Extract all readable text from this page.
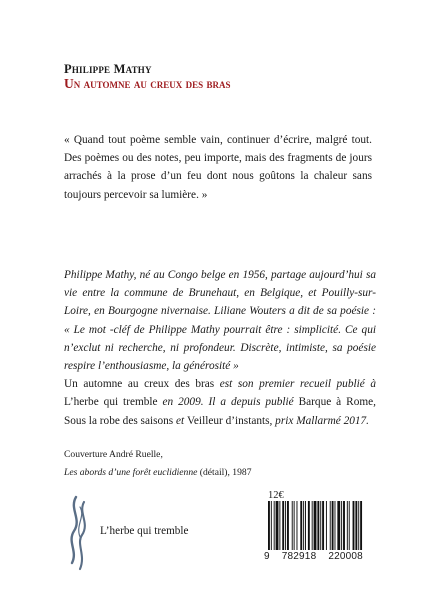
Philippe Mathy

Un automne au creux des bras

« Quand tout poème semble vain, continuer d’écrire, malgré tout. Des poèmes ou des notes, peu importe, mais des fragments de jours arrachés à la prose d’un feu dont nous goûtons la chaleur sans toujours percevoir sa lumière. »

Philippe Mathy, né au Congo belge en 1956, partage aujourd’hui sa vie entre la commune de Brunehaut, en Belgique, et Pouilly-sur-Loire, en Bourgogne nivernaise. Liliane Wouters a dit de sa poésie : « Le mot -cléf de Philippe Mathy pourrait être : simplicité. Ce qui n’exclut ni recherche, ni profondeur. Discrète, intimiste, sa poésie respire l’enthousiasme, la générosité »
Un automne au creux des bras est son premier recueil publié à L’herbe qui tremble en 2009. Il a depuis publié Barque à Rome, Sous la robe des saisons et Veilleur d’instants, prix Mallarmé 2017.

Couverture André Ruelle,

Les abords d’une forêt euclidienne (détail), 1987

L’herbe qui tremble

12€

9 782918 220008
